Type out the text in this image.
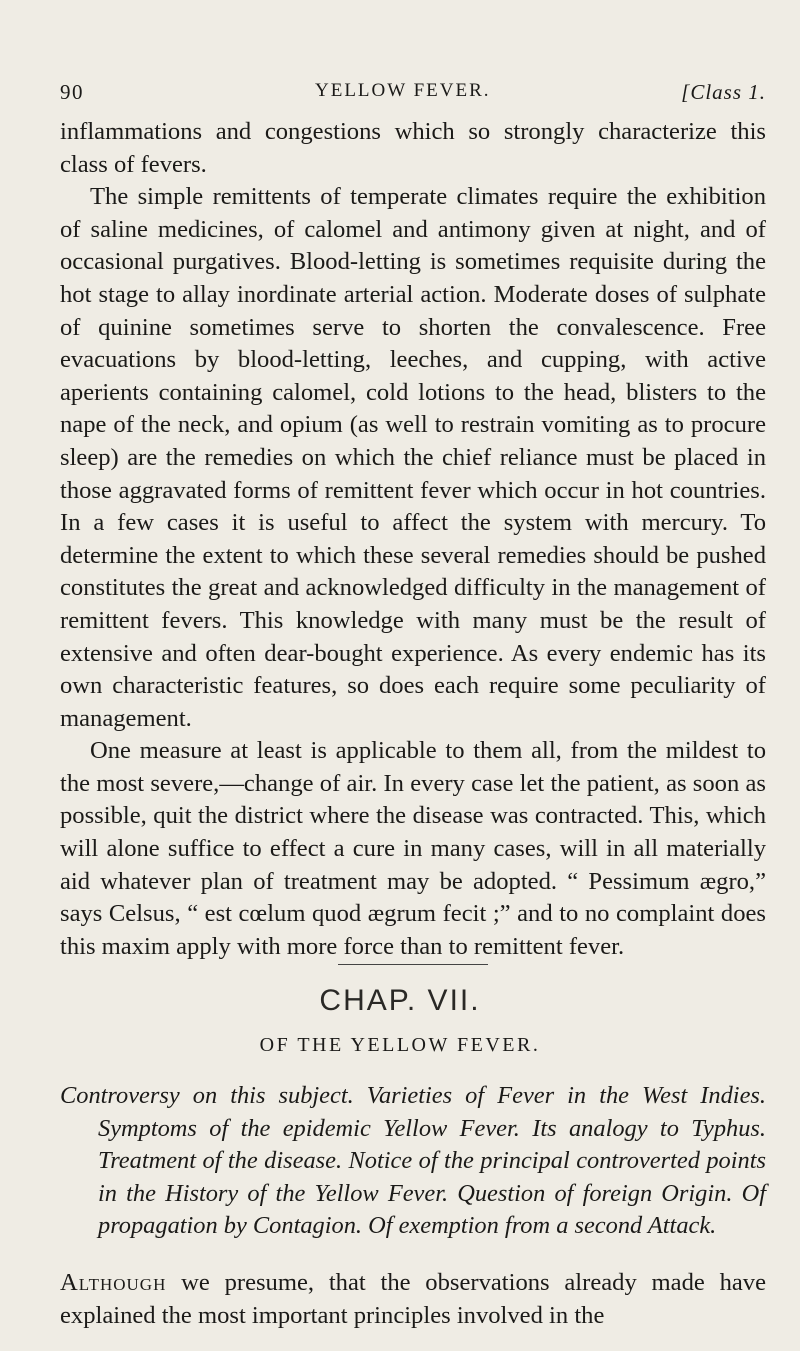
90	YELLOW FEVER.	[Class 1.

inflammations and congestions which so strongly characterize this class of fevers.

The simple remittents of temperate climates require the exhibition of saline medicines, of calomel and antimony given at night, and of occasional purgatives. Blood-letting is sometimes requisite during the hot stage to allay inordinate arterial action. Moderate doses of sulphate of quinine sometimes serve to shorten the convalescence. Free evacuations by blood-letting, leeches, and cupping, with active aperients containing calomel, cold lotions to the head, blisters to the nape of the neck, and opium (as well to restrain vomiting as to procure sleep) are the remedies on which the chief reliance must be placed in those aggravated forms of remittent fever which occur in hot countries. In a few cases it is useful to affect the system with mercury. To determine the extent to which these several remedies should be pushed constitutes the great and acknowledged difficulty in the management of remittent fevers. This knowledge with many must be the result of extensive and often dear-bought experience. As every endemic has its own characteristic features, so does each require some peculiarity of management.

One measure at least is applicable to them all, from the mildest to the most severe,—change of air. In every case let the patient, as soon as possible, quit the district where the disease was contracted. This, which will alone suffice to effect a cure in many cases, will in all materially aid whatever plan of treatment may be adopted. “ Pessimum ægro,” says Celsus, “ est cœlum quod ægrum fecit ;” and to no complaint does this maxim apply with more force than to remittent fever.

CHAP. VII.
OF THE YELLOW FEVER.
Controversy on this subject. Varieties of Fever in the West Indies. Symptoms of the epidemic Yellow Fever. Its analogy to Typhus. Treatment of the disease. Notice of the principal controverted points in the History of the Yellow Fever. Question of foreign Origin. Of propagation by Contagion. Of exemption from a second Attack.
Although we presume, that the observations already made have explained the most important principles involved in the
